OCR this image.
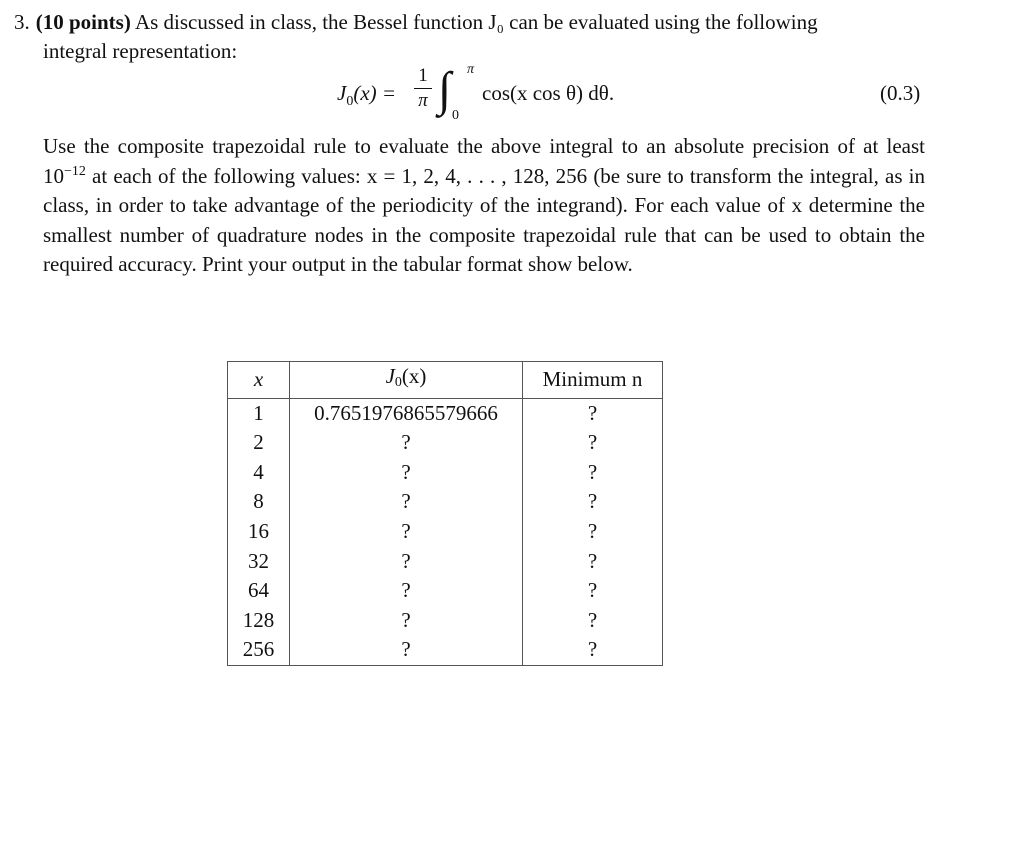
3. (10 points) As discussed in class, the Bessel function J₀ can be evaluated using the following
integral representation:
$J_0(x)$ =
1
π ∫ π
0
cos(x cos θ) dθ.	(0.3)
Use the composite trapezoidal rule to evaluate the above integral to an absolute precision of at least $10^{-12}$ at each of the following values: x = 1, 2, 4, . . . , 128, 256 (be sure to transform the integral, as in class, in order to take advantage of the periodicity of the integrand). For each value of x determine the smallest number of quadrature nodes in the composite trapezoidal rule that can be used to obtain the required accuracy. Print your output in the tabular format show below.
x	J0(x)	Minimum n
1	0.7651976865579666	?
2	?	?
4	?	?
8	?	?
16	?	?
32	?	?
64	?	?
128	?	?
256	?	?
